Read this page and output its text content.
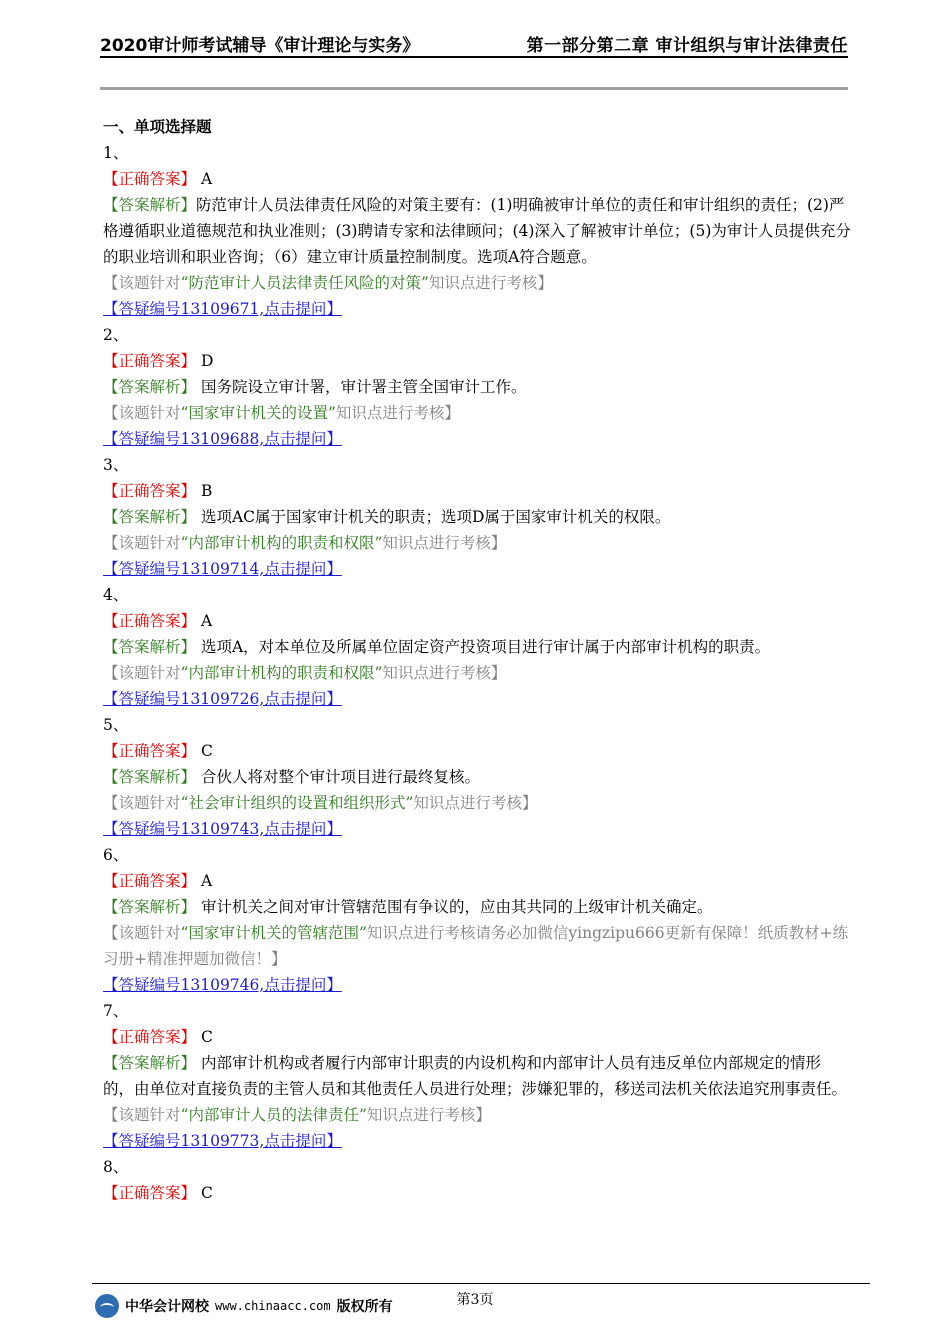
2020审计师考试辅导《审计理论与实务》	第一部分第二章 审计组织与审计法律责任
一、单项选择题
1、
【正确答案】 A
【答案解析】防范审计人员法律责任风险的对策主要有：(1)明确被审计单位的责任和审计组织的责任；(2)严格遵循职业道德规范和执业准则；(3)聘请专家和法律顾问；(4)深入了解被审计单位；(5)为审计人员提供充分的职业培训和职业咨询；（6）建立审计质量控制制度。选项A符合题意。
【该题针对“防范审计人员法律责任风险的对策”知识点进行考核】
【答疑编号13109671,点击提问】
2、
【正确答案】 D
【答案解析】 国务院设立审计署，审计署主管全国审计工作。
【该题针对“国家审计机关的设置”知识点进行考核】
【答疑编号13109688,点击提问】
3、
【正确答案】 B
【答案解析】 选项AC属于国家审计机关的职责；选项D属于国家审计机关的权限。
【该题针对“内部审计机构的职责和权限”知识点进行考核】
【答疑编号13109714,点击提问】
4、
【正确答案】 A
【答案解析】 选项A，对本单位及所属单位固定资产投资项目进行审计属于内部审计机构的职责。
【该题针对“内部审计机构的职责和权限”知识点进行考核】
【答疑编号13109726,点击提问】
5、
【正确答案】 C
【答案解析】 合伙人将对整个审计项目进行最终复核。
【该题针对“社会审计组织的设置和组织形式”知识点进行考核】
【答疑编号13109743,点击提问】
6、
【正确答案】 A
【答案解析】 审计机关之间对审计管辖范围有争议的，应由其共同的上级审计机关确定。
【该题针对“国家审计机关的管辖范围”知识点进行考核请务必加微信yingzipu666更新有保障！纸质教材+练习册+精准押题加微信！】
【答疑编号13109746,点击提问】
7、
【正确答案】 C
【答案解析】 内部审计机构或者履行内部审计职责的内设机构和内部审计人员有违反单位内部规定的情形的，由单位对直接负责的主管人员和其他责任人员进行处理；涉嫌犯罪的，移送司法机关依法追究刑事责任。
【该题针对“内部审计人员的法律责任”知识点进行考核】
【答疑编号13109773,点击提问】
8、
【正确答案】 C
第3页
中华会计网校 www.chinaacc.com 版权所有
